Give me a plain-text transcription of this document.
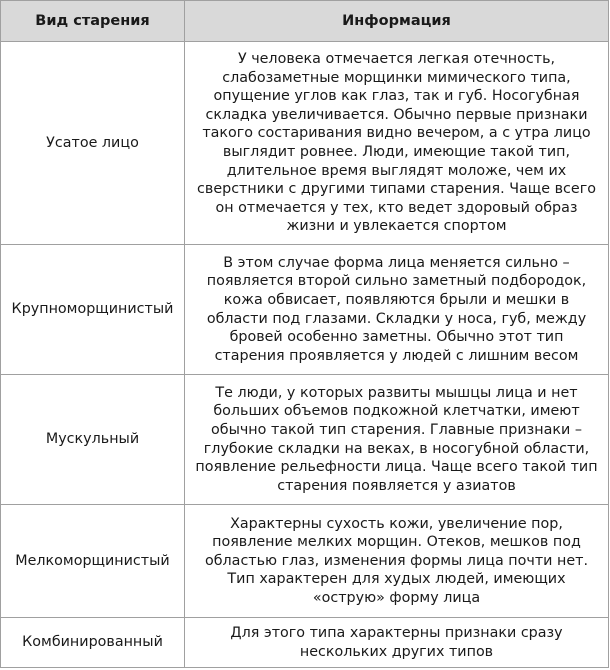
Вид старения	Информация
Усатое лицо	У человека отмечается легкая отечность, слабозаметные морщинки мимического типа, опущение углов как глаз, так и губ. Носогубная складка увеличивается. Обычно первые признаки такого состаривания видно вечером, а с утра лицо выглядит ровнее. Люди, имеющие такой тип, длительное время выглядят моложе, чем их сверстники с другими типами старения. Чаще всего он отмечается у тех, кто ведет здоровый образ жизни и увлекается спортом
Крупноморщинистый	В этом случае форма лица меняется сильно – появляется второй сильно заметный подбородок, кожа обвисает, появляются брыли и мешки в области под глазами. Складки у носа, губ, между бровей особенно заметны. Обычно этот тип старения проявляется у людей с лишним весом
Мускульный	Те люди, у которых развиты мышцы лица и нет больших объемов подкожной клетчатки, имеют обычно такой тип старения. Главные признаки – глубокие складки на веках, в носогубной области, появление рельефности лица. Чаще всего такой тип старения появляется у азиатов
Мелкоморщинистый	Характерны сухость кожи, увеличение пор, появление мелких морщин. Отеков, мешков под областью глаз, изменения формы лица почти нет. Тип характерен для худых людей, имеющих «острую» форму лица
Комбинированный	Для этого типа характерны признаки сразу нескольких других типов
